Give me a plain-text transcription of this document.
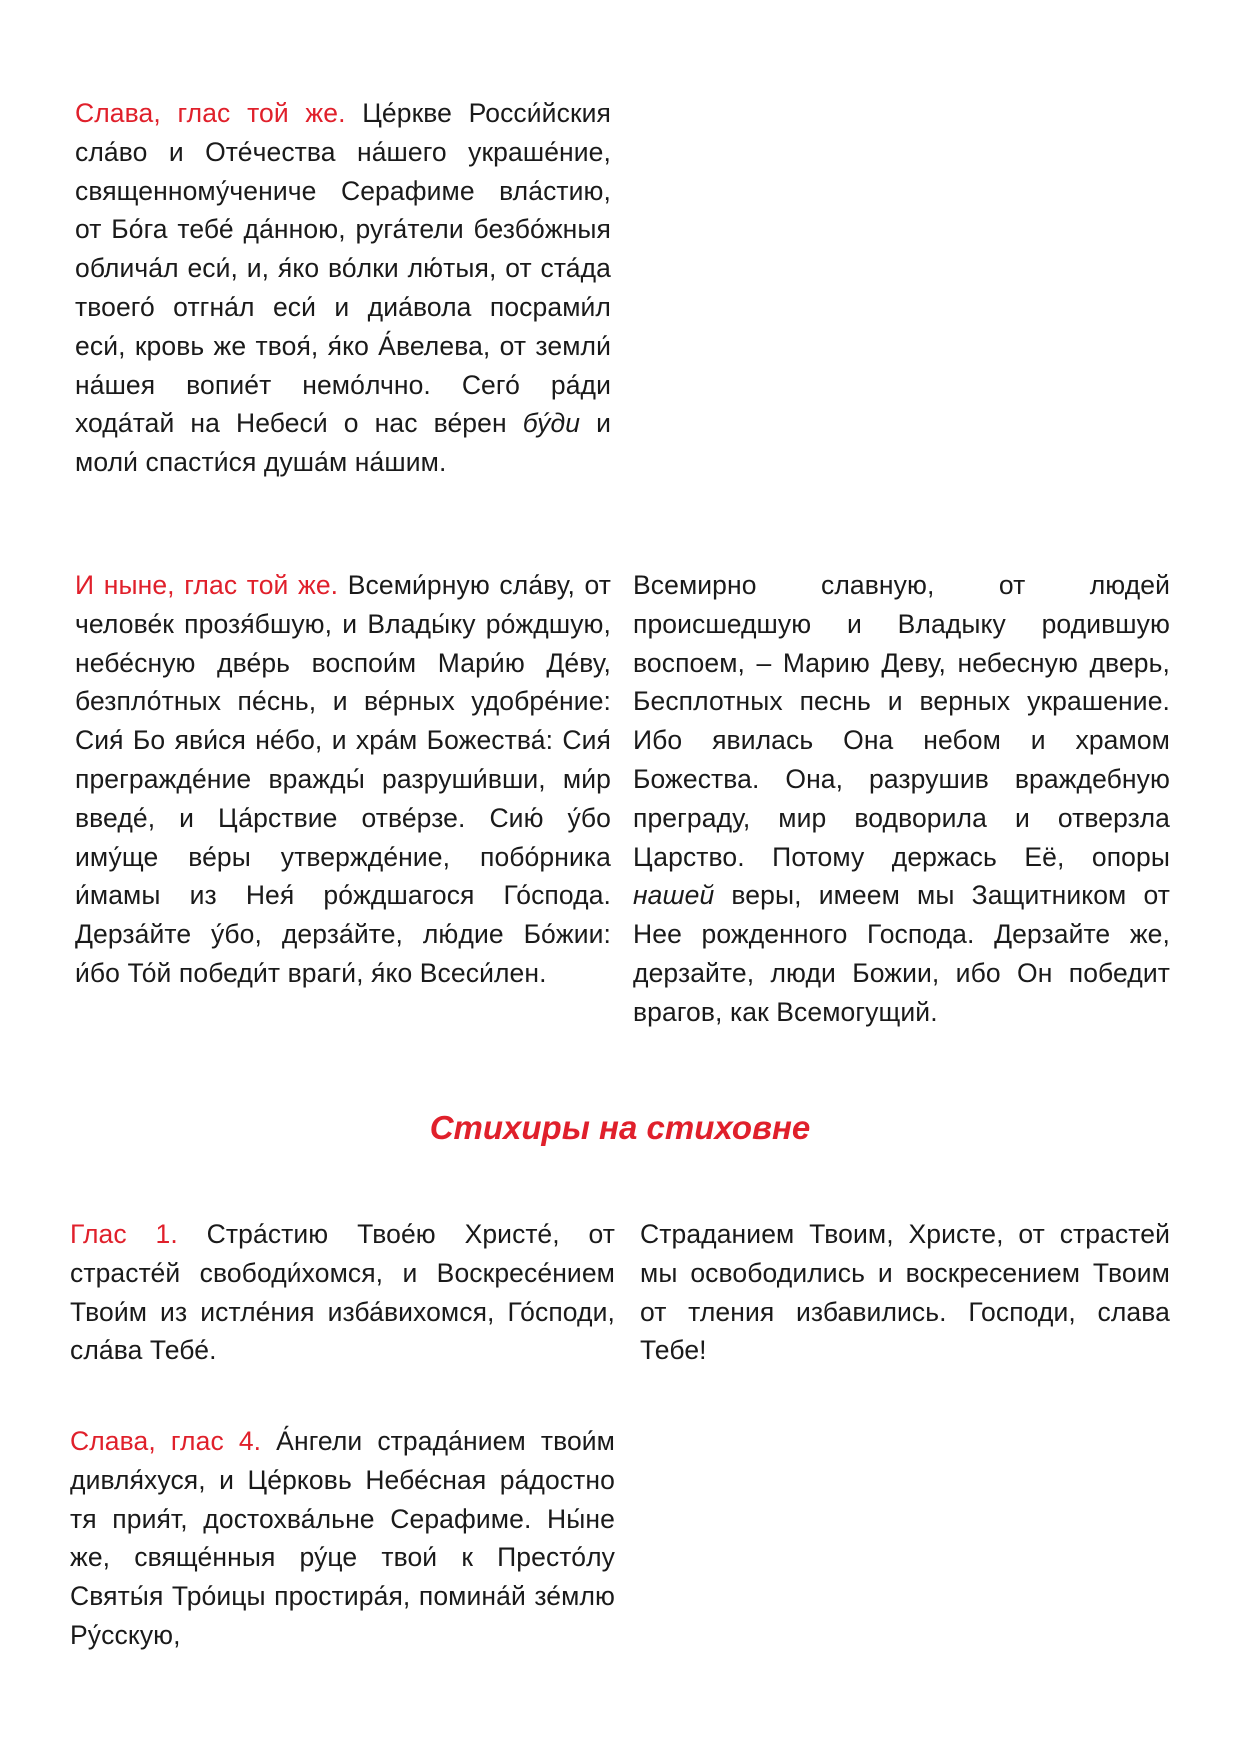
Слава, глас той же. Це́ркве Росси́йския сла́во и Оте́чества на́шего украше́ние, священному́чениче Серафиме вла́стию, от Бо́га тебе́ да́нною, руга́тели безбо́жныя облича́л еси́, и, я́ко во́лки лю́тыя, от ста́да твоего́ отгна́л еси́ и диа́вола посрами́л еси́, кровь же твоя́, я́ко А́велева, от земли́ на́шея вопие́т немо́лчно. Сего́ ра́ди хода́тай на Небеси́ о нас ве́рен бу́ди и моли́ спасти́ся душа́м на́шим.
И ныне, глас той же. Всеми́рную сла́ву, от челове́к прозя́бшую, и Влады́ку ро́ждшую, небе́сную две́рь воспои́м Мари́ю Де́ву, безпло́тных пе́снь, и ве́рных удобре́ние: Сия́ Бо яви́ся не́бо, и хра́м Божества́: Сия́ преграждéние вражды́ разруши́вши, ми́р введе́, и Ца́рствие отве́рзе. Сию́ у́бо иму́ще ве́ры утвержде́ние, побо́рника и́мамы из Нея́ ро́ждшагося Го́спода. Дерза́йте у́бо, дерза́йте, лю́дие Бо́жии: и́бо То́й победи́т враги́, я́ко Всеси́лен.
Всемирно славную, от людей происшедшую и Владыку родившую воспоем, – Марию Деву, небесную дверь, Бесплотных песнь и верных украшение. Ибо явилась Она небом и храмом Божества. Она, разрушив враждебную преграду, мир водворила и отверзла Царство. Потому держась Её, опоры нашей веры, имеем мы Защитником от Нее рожденного Господа. Дерзайте же, дерзайте, люди Божии, ибо Он победит врагов, как Всемогущий.
Стихиры на стиховне
Глас 1. Стра́стию Твое́ю Христе́, от страсте́й свободи́хомся, и Воскресе́нием Твои́м из истле́ния изба́вихомся, Го́споди, сла́ва Тебе́.
Страданием Твоим, Христе, от страстей мы освободились и воскресением Твоим от тления избавились. Господи, слава Тебе!
Слава, глас 4. А́нгели страда́нием твои́м дивля́хуся, и Це́рковь Небе́сная ра́достно тя прия́т, достохва́льне Серафиме. Ны́не же, свяще́нныя ру́це твои́ к Престо́лу Святы́я Тро́ицы простира́я, помина́й зе́млю Ру́сскую,
